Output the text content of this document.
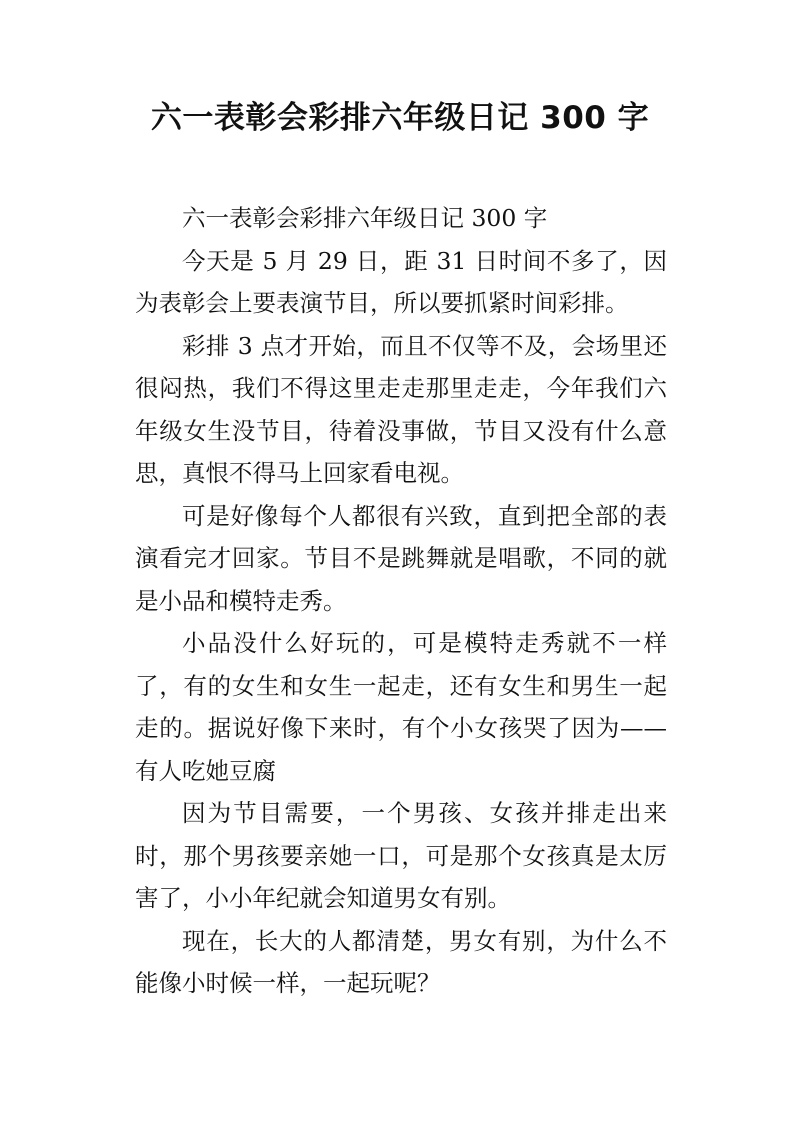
六一表彰会彩排六年级日记 300 字

六一表彰会彩排六年级日记 300 字

今天是 5 月 29 日，距 31 日时间不多了，因为表彰会上要表演节目，所以要抓紧时间彩排。

彩排 3 点才开始，而且不仅等不及，会场里还很闷热，我们不得这里走走那里走走，今年我们六年级女生没节目，待着没事做，节目又没有什么意思，真恨不得马上回家看电视。

可是好像每个人都很有兴致，直到把全部的表演看完才回家。节目不是跳舞就是唱歌，不同的就是小品和模特走秀。

小品没什么好玩的，可是模特走秀就不一样了，有的女生和女生一起走，还有女生和男生一起走的。据说好像下来时，有个小女孩哭了因为——有人吃她豆腐

因为节目需要，一个男孩、女孩并排走出来时，那个男孩要亲她一口，可是那个女孩真是太厉害了，小小年纪就会知道男女有别。

现在，长大的人都清楚，男女有别，为什么不能像小时候一样，一起玩呢？
